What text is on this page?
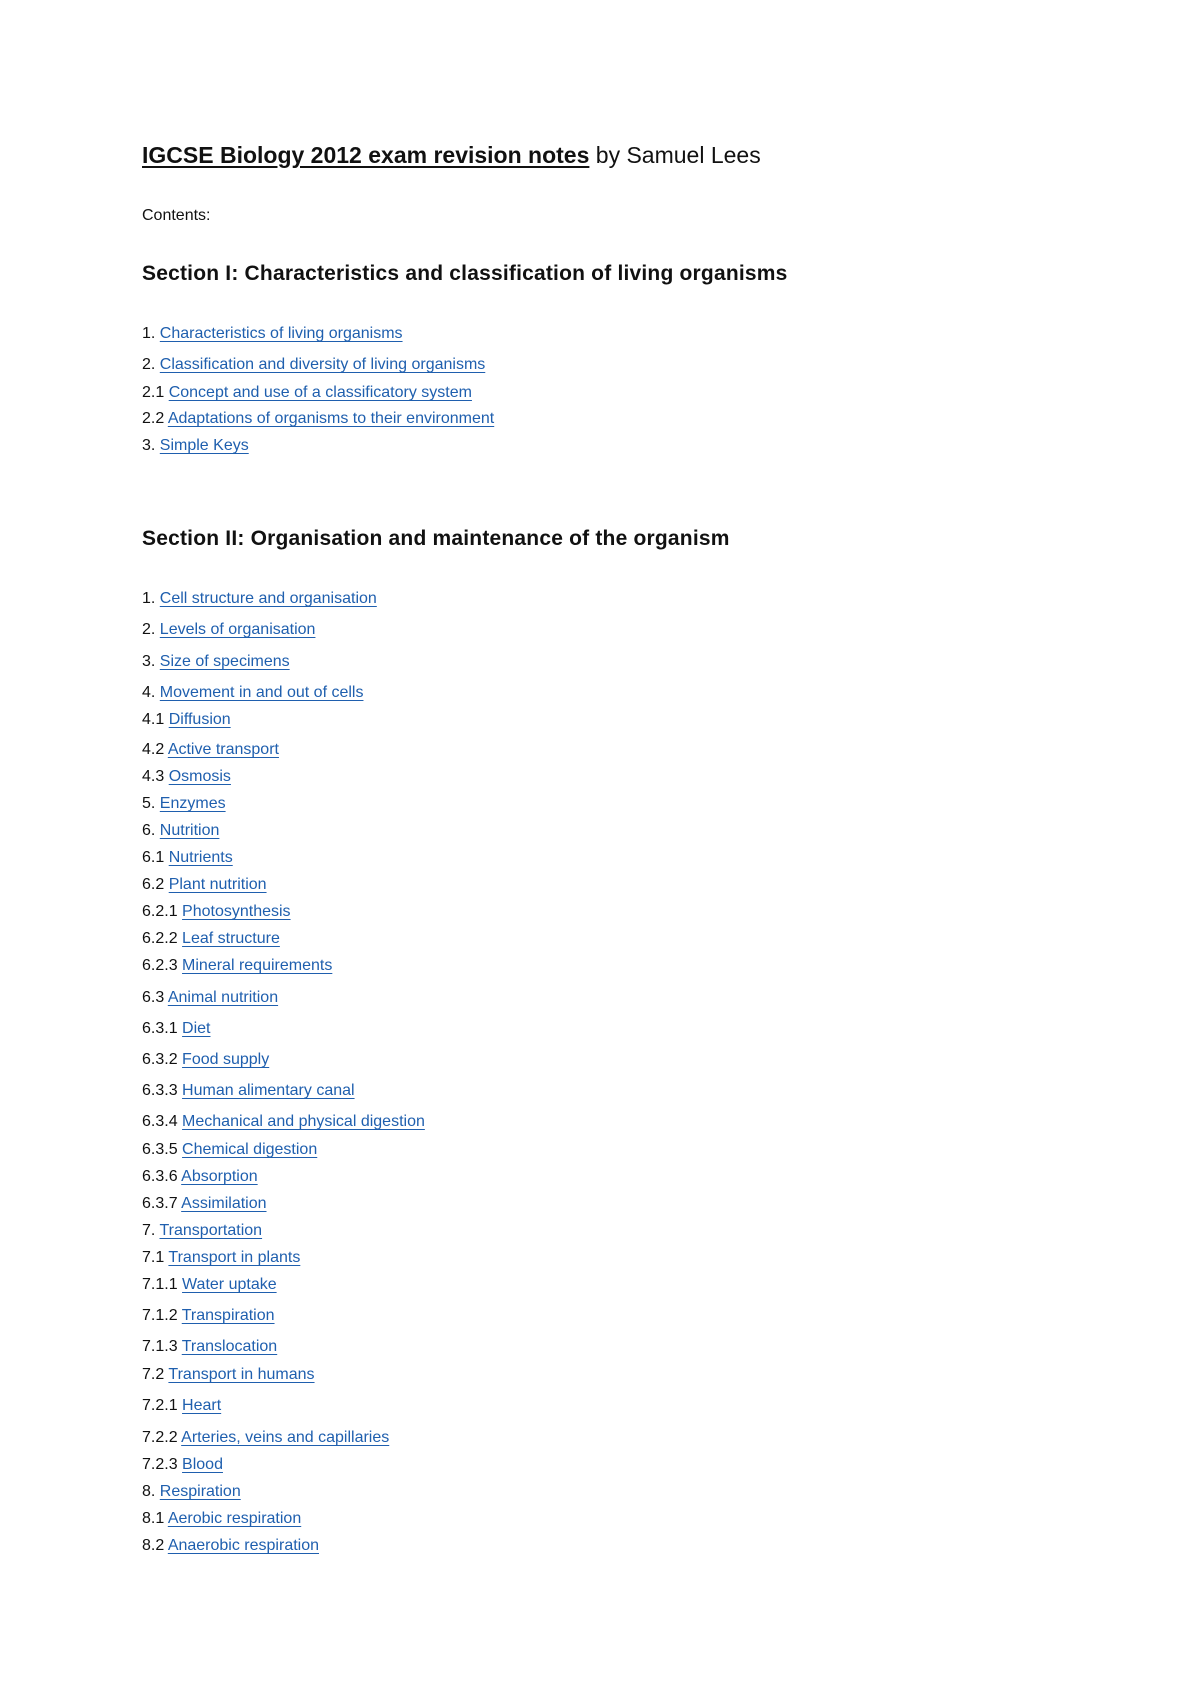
IGCSE Biology 2012 exam revision notes by Samuel Lees
Contents:
Section I: Characteristics and classification of living organisms
1. Characteristics of living organisms
2. Classification and diversity of living organisms
2.1 Concept and use of a classificatory system
2.2 Adaptations of organisms to their environment
3. Simple Keys
Section II: Organisation and maintenance of the organism
1. Cell structure and organisation
2. Levels of organisation
3. Size of specimens
4. Movement in and out of cells
4.1 Diffusion
4.2 Active transport
4.3 Osmosis
5. Enzymes
6. Nutrition
6.1 Nutrients
6.2 Plant nutrition
6.2.1 Photosynthesis
6.2.2 Leaf structure
6.2.3 Mineral requirements
6.3 Animal nutrition
6.3.1 Diet
6.3.2 Food supply
6.3.3 Human alimentary canal
6.3.4 Mechanical and physical digestion
6.3.5 Chemical digestion
6.3.6 Absorption
6.3.7 Assimilation
7. Transportation
7.1 Transport in plants
7.1.1 Water uptake
7.1.2 Transpiration
7.1.3 Translocation
7.2 Transport in humans
7.2.1 Heart
7.2.2 Arteries, veins and capillaries
7.2.3 Blood
8. Respiration
8.1 Aerobic respiration
8.2 Anaerobic respiration
